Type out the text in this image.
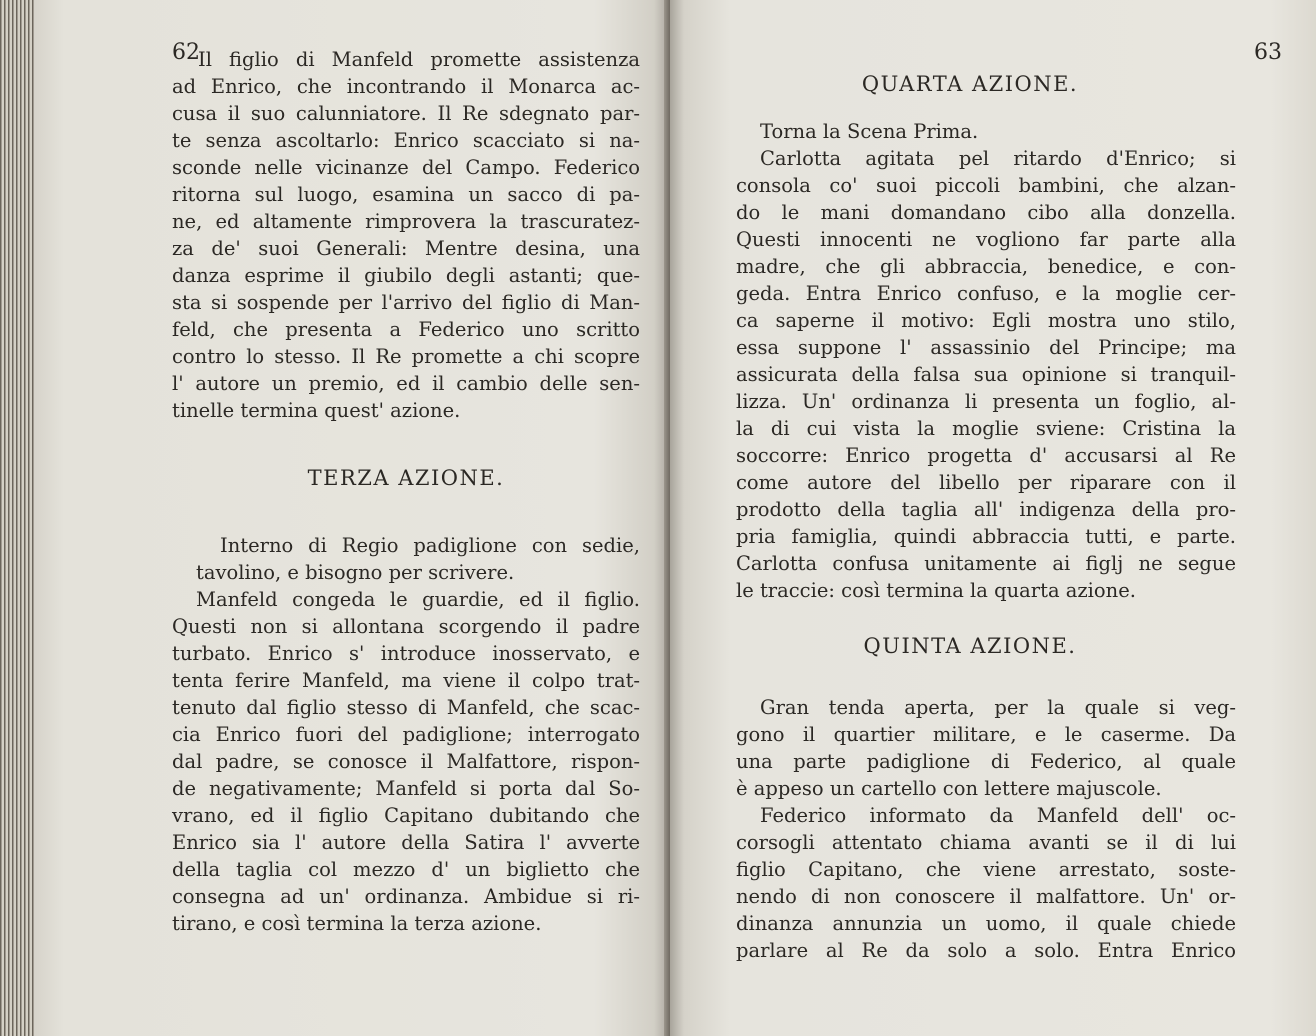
62
Il figlio di Manfeld promette assistenza
ad Enrico, che incontrando il Monarca ac-
cusa il suo calunniatore. Il Re sdegnato par-
te senza ascoltarlo: Enrico scacciato si na-
sconde nelle vicinanze del Campo. Federico
ritorna sul luogo, esamina un sacco di pa-
ne, ed altamente rimprovera la trascuratez-
za de' suoi Generali: Mentre desina, una
danza esprime il giubilo degli astanti; que-
sta si sospende per l'arrivo del figlio di Man-
feld, che presenta a Federico uno scritto
contro lo stesso. Il Re promette a chi scopre
l' autore un premio, ed il cambio delle sen-
tinelle termina quest' azione.
TERZA AZIONE.
Interno di Regio padiglione con sedie,
tavolino, e bisogno per scrivere.
Manfeld congeda le guardie, ed il figlio.
Questi non si allontana scorgendo il padre
turbato. Enrico s' introduce inosservato, e
tenta ferire Manfeld, ma viene il colpo trat-
tenuto dal figlio stesso di Manfeld, che scac-
cia Enrico fuori del padiglione; interrogato
dal padre, se conosce il Malfattore, rispon-
de negativamente; Manfeld si porta dal So-
vrano, ed il figlio Capitano dubitando che
Enrico sia l' autore della Satira l' avverte
della taglia col mezzo d' un biglietto che
consegna ad un' ordinanza. Ambidue si ri-
tirano, e così termina la terza azione.
63
QUARTA AZIONE.
Torna la Scena Prima.
Carlotta agitata pel ritardo d'Enrico; si
consola co' suoi piccoli bambini, che alzan-
do le mani domandano cibo alla donzella.
Questi innocenti ne vogliono far parte alla
madre, che gli abbraccia, benedice, e con-
geda. Entra Enrico confuso, e la moglie cer-
ca saperne il motivo: Egli mostra uno stilo,
essa suppone l' assassinio del Principe; ma
assicurata della falsa sua opinione si tranquil-
lizza. Un' ordinanza li presenta un foglio, al-
la di cui vista la moglie sviene: Cristina la
soccorre: Enrico progetta d' accusarsi al Re
come autore del libello per riparare con il
prodotto della taglia all' indigenza della pro-
pria famiglia, quindi abbraccia tutti, e parte.
Carlotta confusa unitamente ai figlj ne segue
le traccie: così termina la quarta azione.
QUINTA AZIONE.
Gran tenda aperta, per la quale si veg-
gono il quartier militare, e le caserme. Da
una parte padiglione di Federico, al quale
è appeso un cartello con lettere majuscole.
Federico informato da Manfeld dell' oc-
corsogli attentato chiama avanti se il di lui
figlio Capitano, che viene arrestato, soste-
nendo di non conoscere il malfattore. Un' or-
dinanza annunzia un uomo, il quale chiede
parlare al Re da solo a solo. Entra Enrico
